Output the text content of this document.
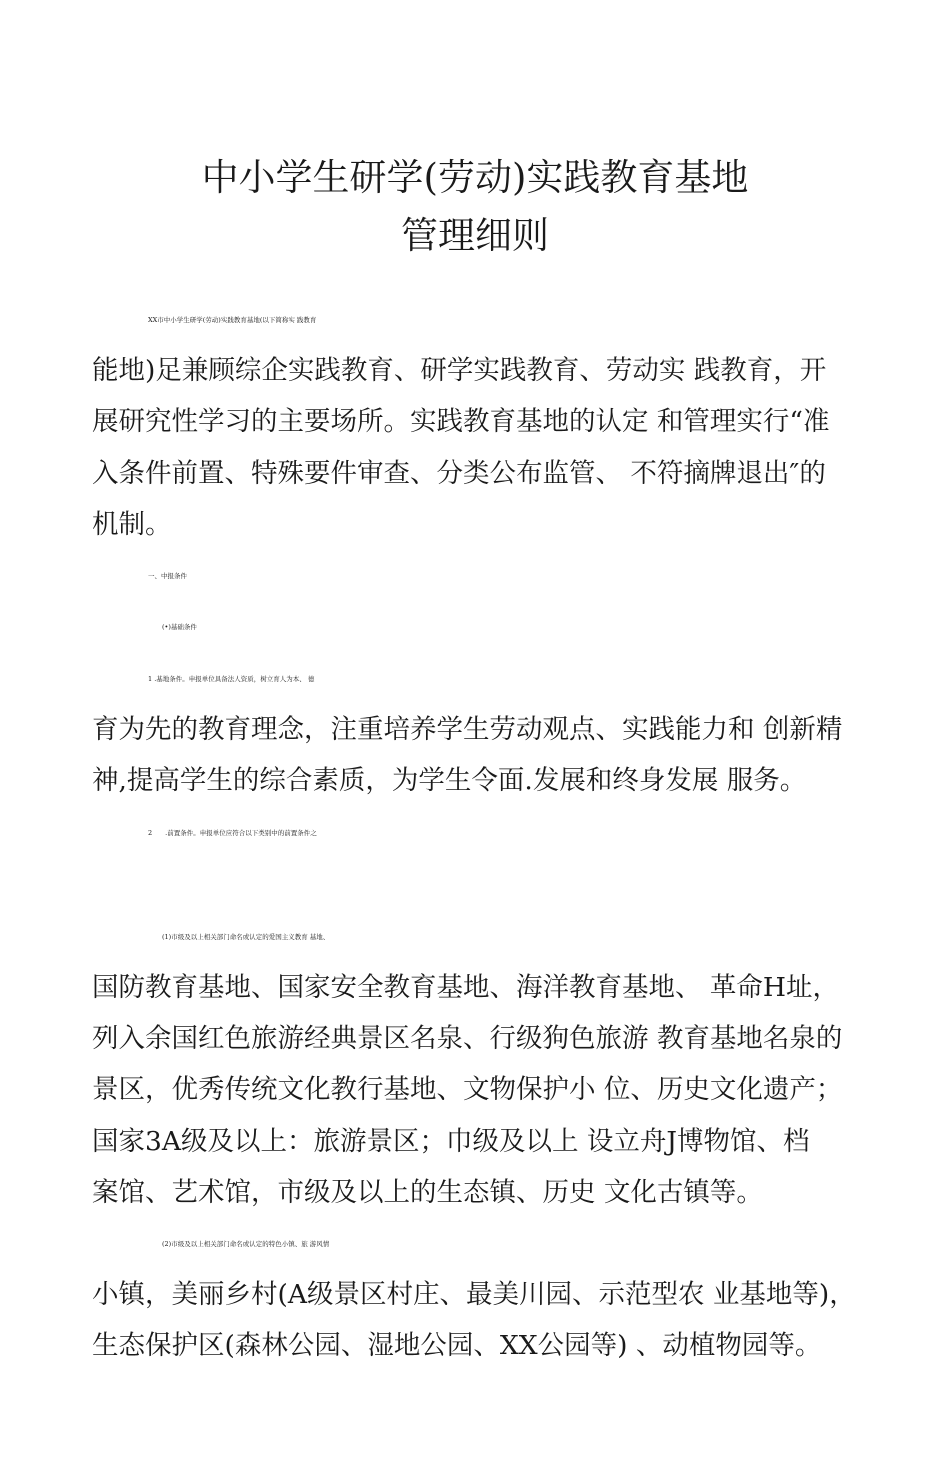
中小学生研学(劳动)实践教育基地
管理细则
XX市中小学生研学(劳动)实践教育基地(以下简称实 践教育
能地)足兼顾综企实践教育、研学实践教育、劳动实 践教育，开
展研究性学习的主要场所。实践教育基地的认定 和管理实行“准
入条件前置、特殊要件审查、分类公布监管、 不符摘牌退出″的
机制。
一、中报条件
(•)基础条件
1 .基地条件。申报单位具备法人资质，树立育人为本、 德
育为先的教育理念，注重培养学生劳动观点、实践能力和 创新精
神,提高学生的综合素质，为学生令面.发展和终身发展 服务。
2　　.前置条件。申报单位应符合以下类别中的前置条件之
(1)市级及以上相关部门命名或认定的爱国主义教育 基地、
国防教育基地、国家安全教育基地、海洋教育基地、 革命H址，
列入余国红色旅游经典景区名泉、行级狗色旅游 教育基地名泉的
景区，优秀传统文化教行基地、文物保护小 位、历史文化遗产；
国家3A级及以上：旅游景区；巾级及以上 设立舟J博物馆、档
案馆、艺术馆，市级及以上的生态镇、历史 文化古镇等。
(2)市级及以上相关部门命名或认定的特色小镇、旅 游风情
小镇，美丽乡村(A级景区村庄、最美川园、示范型农 业基地等)，
生态保护区(森林公园、湿地公园、XX公园等) 、动植物园等。
